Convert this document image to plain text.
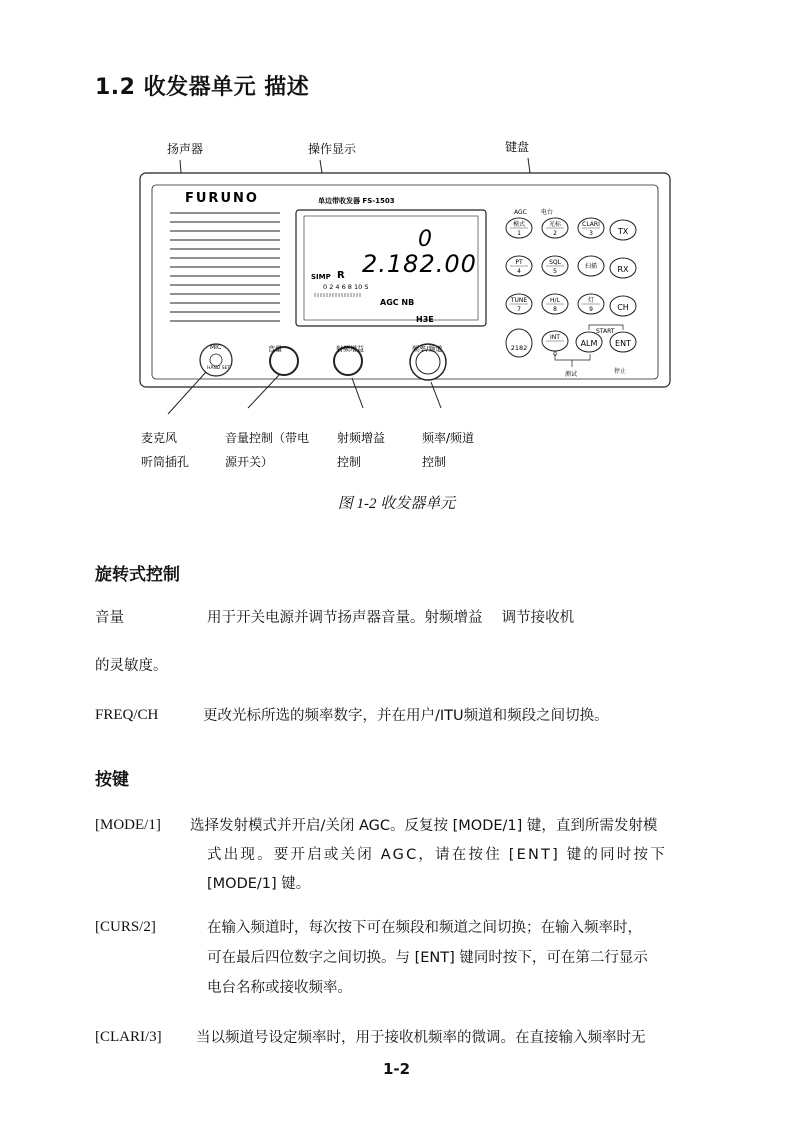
1.2 收发器单元 描述
扬声器	操作显示	键盘
FURUNO	单边带收发器 FS-1503
0
2.182.00
SIMP R
0 2 4 6 8 10 S
AGC NB
H3E
AGC 电台
模式
1
光标
2
CLARI
3	TX
PT
4
SQL
5
扫描	RX
TUNE
7
H/L
8
灯
9	CH
2182
INT
0
ALM ENT
START
测试	停止
MIC
HAND SET
音量	射频增益	频率/频道
麦克风
听筒插孔
音量控制（带电
源开关）
射频增益
控制
频率/频道
控制
图 1-2 收发器单元
旋转式控制
音量	用于开关电源并调节扬声器音量。射频增益　 调节接收机
的灵敏度。
FREQ/CH	更改光标所选的频率数字，并在用户/ITU频道和频段之间切换。
按键
[MODE/1] 选择发射模式并开启/关闭 AGC。反复按 [MODE/1] 键，直到所需发射模
式出现。要开启或关闭 AGC，请在按住 [ENT] 键的同时按下
[MODE/1] 键。
[CURS/2]	在输入频道时，每次按下可在频段和频道之间切换；在输入频率时，
可在最后四位数字之间切换。与 [ENT] 键同时按下，可在第二行显示
电台名称或接收频率。
[CLARI/3] 当以频道号设定频率时，用于接收机频率的微调。在直接输入频率时无
1-2
